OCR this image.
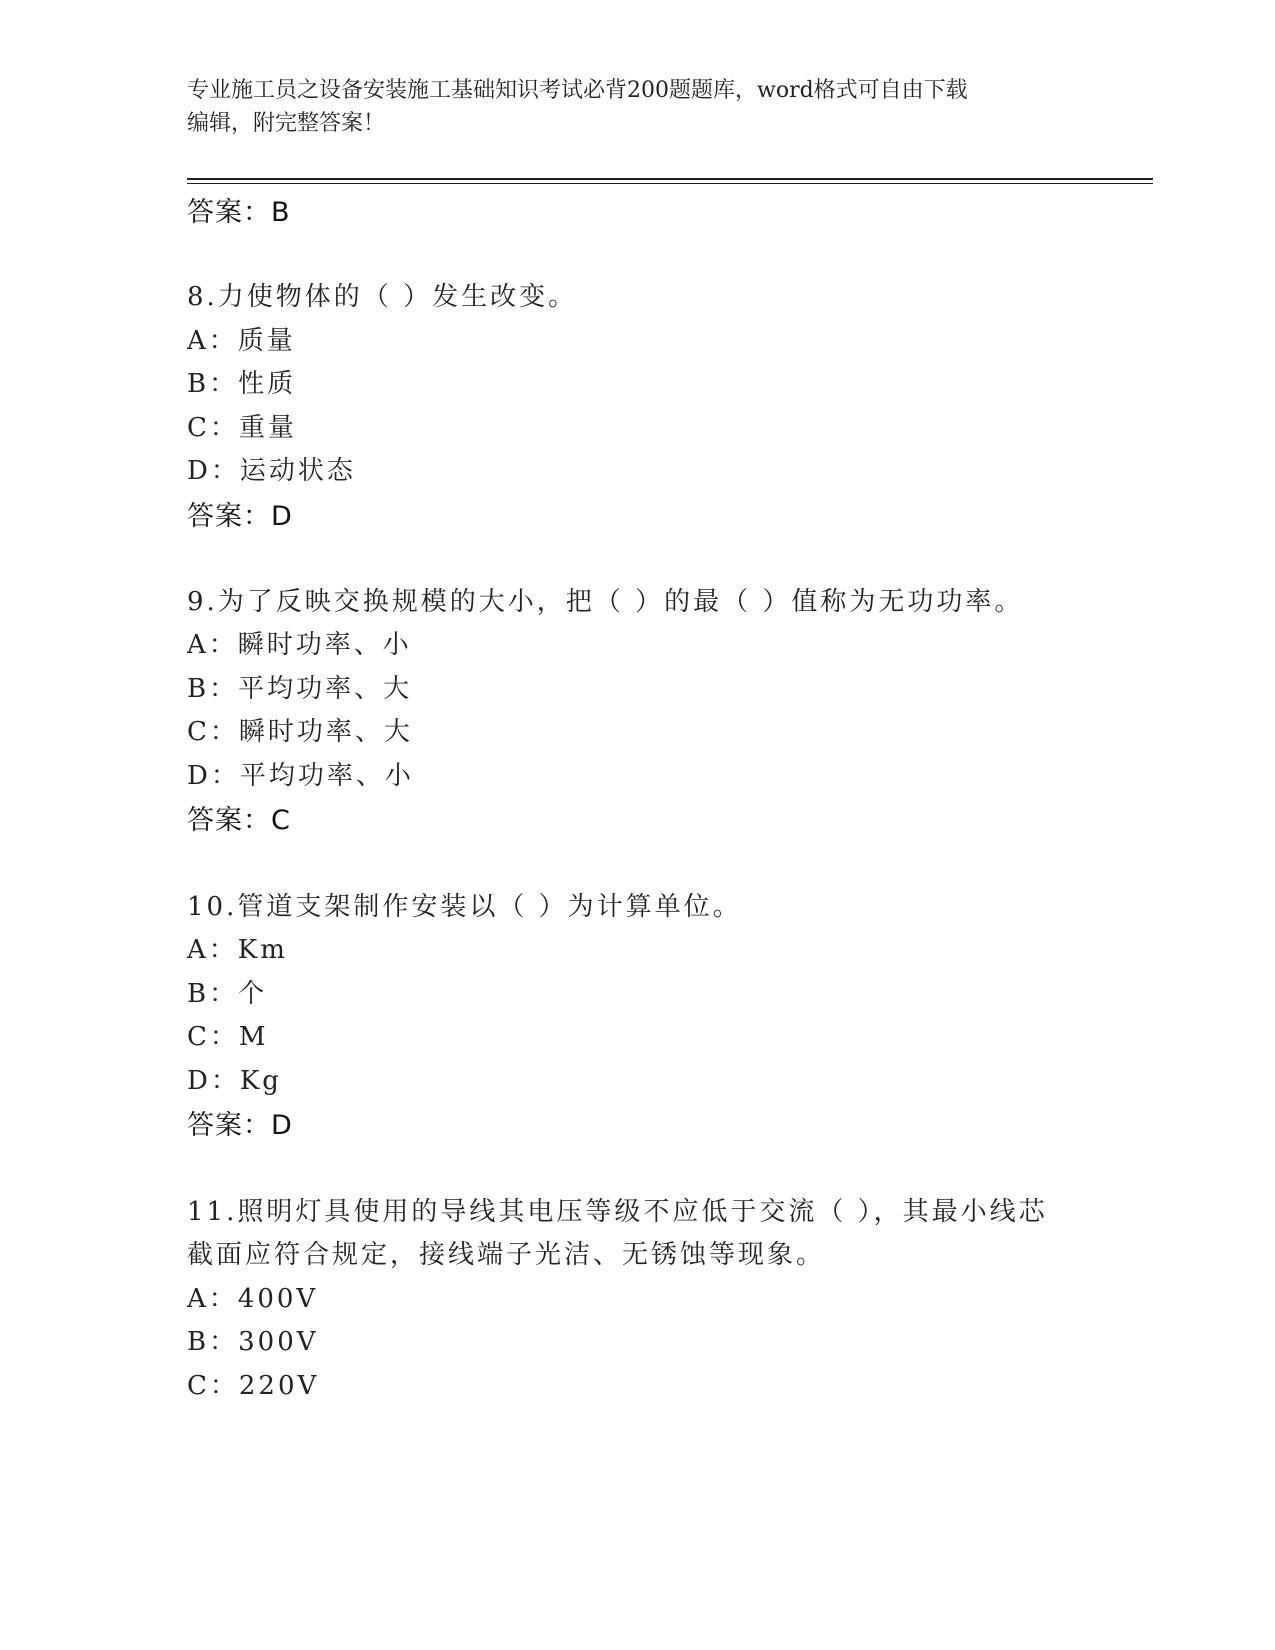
专业施工员之设备安装施工基础知识考试必背200题题库，word格式可自由下载
编辑，附完整答案！
答案：B
8.力使物体的（ ）发生改变。
A：质量
B：性质
C：重量
D：运动状态
答案：D
9.为了反映交换规模的大小，把（ ）的最（ ）值称为无功功率。
A：瞬时功率、小
B：平均功率、大
C：瞬时功率、大
D：平均功率、小
答案：C
10.管道支架制作安装以（ ）为计算单位。
A：Km
B：个
C：M
D：Kg
答案：D
11.照明灯具使用的导线其电压等级不应低于交流（ ），其最小线芯
截面应符合规定，接线端子光洁、无锈蚀等现象。
A：400V
B：300V
C：220V
